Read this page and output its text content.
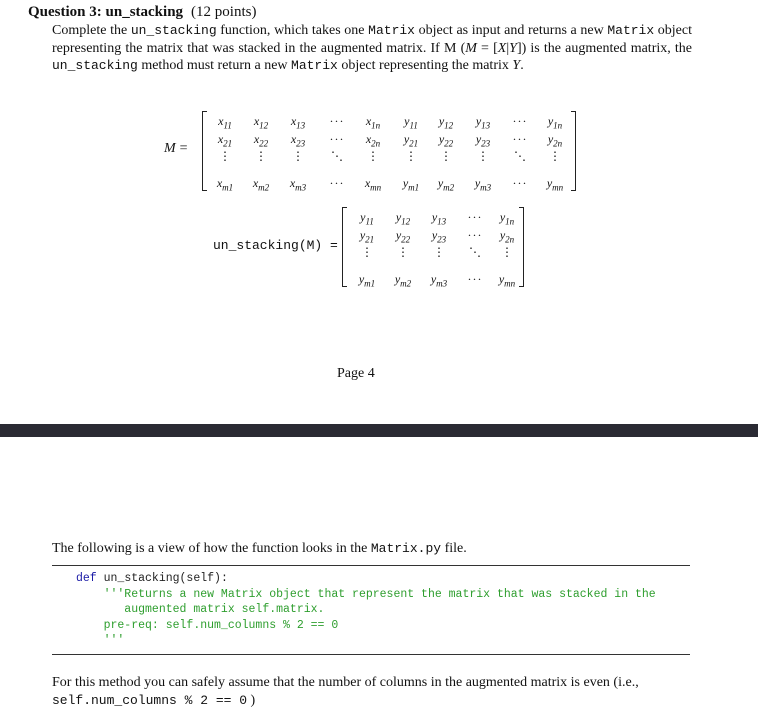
Question 3: un_stacking (12 points)
Complete the un_stacking function, which takes one Matrix object as input and returns a new Matrix object representing the matrix that was stacked in the augmented matrix. If M (M = [X|Y]) is the augmented matrix, the un_stacking method must return a new Matrix object representing the matrix Y.
M =
$x_{11}$ $x_{12}$ $x_{13}$ ··· $x_{1n}$ $y_{11}$ $y_{12}$ $y_{13}$ ··· $y_{1n}$
$x_{21}$ $x_{22}$ $x_{23}$ ··· $x_{2n}$ $y_{21}$ $y_{22}$ $y_{23}$ ··· $y_{2n}$
⋮ ⋮ ⋮ ⋱ ⋮ ⋮ ⋮ ⋮ ⋱ ⋮
$x_{m1}$ $x_{m2}$ $x_{m3}$ ··· $x_{mn}$ $y_{m1}$ $y_{m2}$ $y_{m3}$ ··· $y_{mn}$
un_stacking(M) =
$y_{11}$ $y_{12}$ $y_{13}$ ··· $y_{1n}$
$y_{21}$ $y_{22}$ $y_{23}$ ··· $y_{2n}$
⋮ ⋮ ⋮ ⋱ ⋮
$y_{m1}$ $y_{m2}$ $y_{m3}$ ··· $y_{mn}$
Page 4
The following is a view of how the function looks in the Matrix.py file.
def un_stacking(self):
'''Returns a new Matrix object that represent the matrix that was stacked in the
augmented matrix self.matrix.
pre-req: self.num_columns % 2 == 0
'''
For this method you can safely assume that the number of columns in the augmented matrix is even (i.e., self.num_columns % 2 == 0 )
